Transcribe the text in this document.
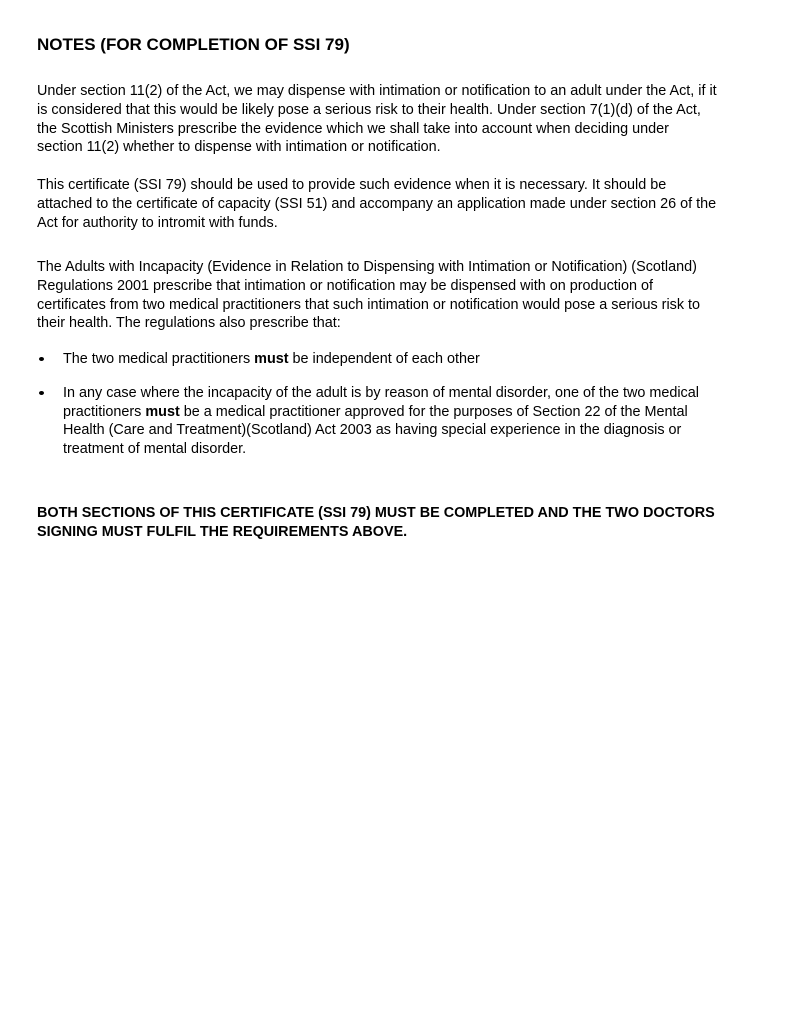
NOTES (FOR COMPLETION OF SSI 79)

Under section 11(2) of the Act, we may dispense with intimation or notification to an adult under the Act, if it is considered that this would be likely pose a serious risk to their health. Under section 7(1)(d) of the Act, the Scottish Ministers prescribe the evidence which we shall take into account when deciding under section 11(2) whether to dispense with intimation or notification.

This certificate (SSI 79) should be used to provide such evidence when it is necessary. It should be attached to the certificate of capacity (SSI 51) and accompany an application made under section 26 of the Act for authority to intromit with funds.

The Adults with Incapacity (Evidence in Relation to Dispensing with Intimation or Notification) (Scotland) Regulations 2001 prescribe that intimation or notification may be dispensed with on production of certificates from two medical practitioners that such intimation or notification would pose a serious risk to their health. The regulations also prescribe that:

The two medical practitioners must be independent of each other
In any case where the incapacity of the adult is by reason of mental disorder, one of the two medical practitioners must be a medical practitioner approved for the purposes of Section 22 of the Mental Health (Care and Treatment)(Scotland) Act 2003 as having special experience in the diagnosis or treatment of mental disorder.

BOTH SECTIONS OF THIS CERTIFICATE (SSI 79) MUST BE COMPLETED AND THE TWO DOCTORS SIGNING MUST FULFIL THE REQUIREMENTS ABOVE.
